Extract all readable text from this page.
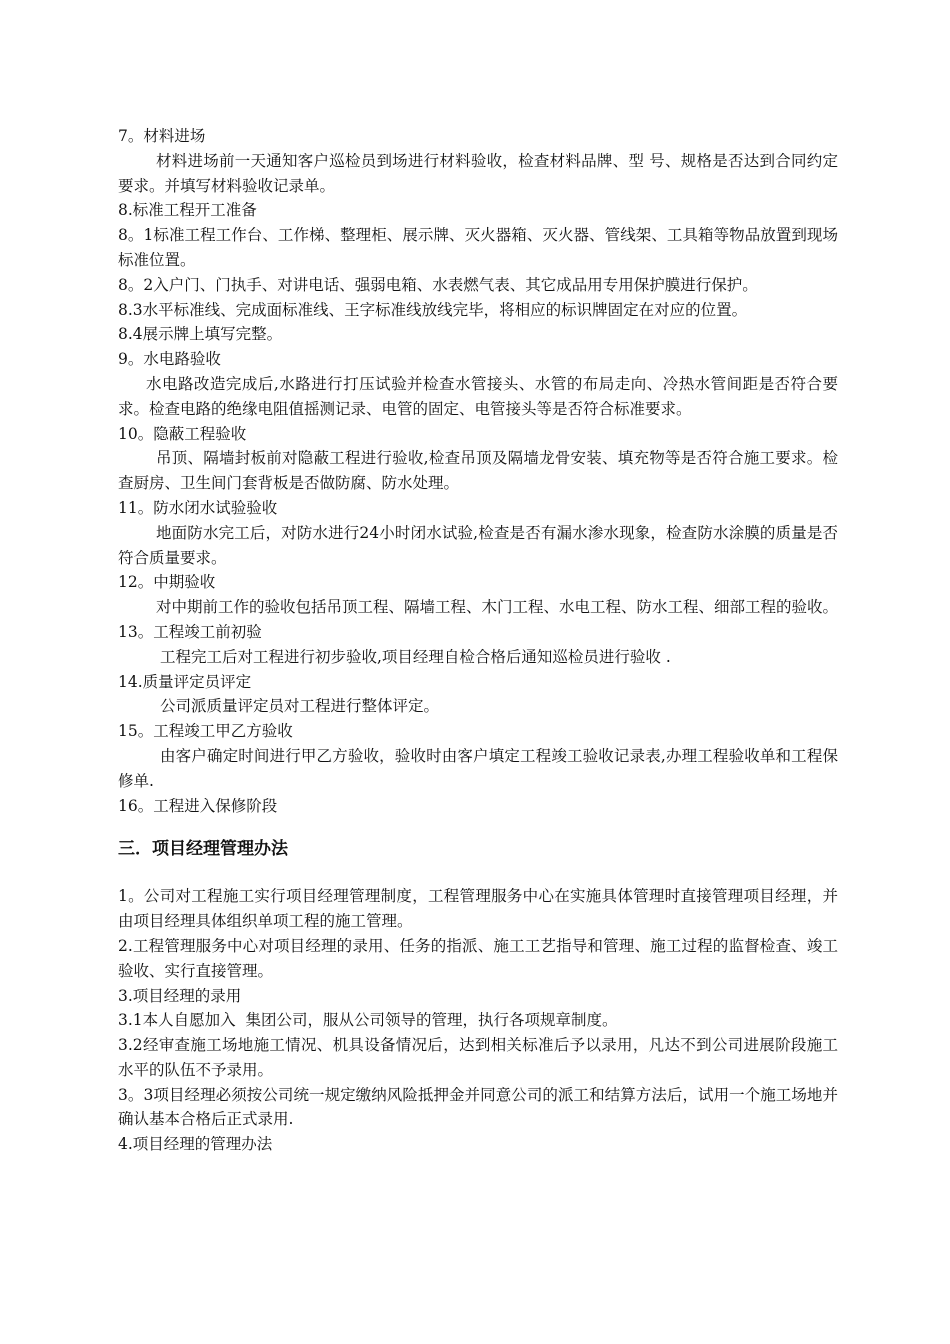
7。材料进场
材料进场前一天通知客户巡检员到场进行材料验收，检查材料品牌、型 号、规格是否达到合同约定要求。并填写材料验收记录单。
8.标准工程开工准备
8。1标准工程工作台、工作梯、整理柜、展示牌、灭火器箱、灭火器、管线架、工具箱等物品放置到现场标准位置。
8。2入户门、门执手、对讲电话、强弱电箱、水表燃气表、其它成品用专用保护膜进行保护。
8.3水平标准线、完成面标准线、王字标准线放线完毕，将相应的标识牌固定在对应的位置。
8.4展示牌上填写完整。
9。水电路验收
水电路改造完成后,水路进行打压试验并检查水管接头、水管的布局走向、冷热水管间距是否符合要求。检查电路的绝缘电阻值摇测记录、电管的固定、电管接头等是否符合标准要求。
10。隐蔽工程验收
吊顶、隔墙封板前对隐蔽工程进行验收,检查吊顶及隔墙龙骨安装、填充物等是否符合施工要求。检查厨房、卫生间门套背板是否做防腐、防水处理。
11。防水闭水试验验收
地面防水完工后，对防水进行24小时闭水试验,检查是否有漏水渗水现象，检查防水涂膜的质量是否符合质量要求。
12。中期验收
对中期前工作的验收包括吊顶工程、隔墙工程、木门工程、水电工程、防水工程、细部工程的验收。
13。工程竣工前初验
工程完工后对工程进行初步验收,项目经理自检合格后通知巡检员进行验收 .
14.质量评定员评定
公司派质量评定员对工程进行整体评定。
15。工程竣工甲乙方验收
由客户确定时间进行甲乙方验收，验收时由客户填定工程竣工验收记录表,办理工程验收单和工程保修单.
16。工程进入保修阶段
三．项目经理管理办法
1。公司对工程施工实行项目经理管理制度，工程管理服务中心在实施具体管理时直接管理项目经理，并由项目经理具体组织单项工程的施工管理。
2.工程管理服务中心对项目经理的录用、任务的指派、施工工艺指导和管理、施工过程的监督检查、竣工验收、实行直接管理。
3.项目经理的录用
3.1本人自愿加入  集团公司，服从公司领导的管理，执行各项规章制度。
3.2经审查施工场地施工情况、机具设备情况后，达到相关标准后予以录用，凡达不到公司进展阶段施工水平的队伍不予录用。
3。3项目经理必须按公司统一规定缴纳风险抵押金并同意公司的派工和结算方法后，试用一个施工场地并确认基本合格后正式录用.
4.项目经理的管理办法
